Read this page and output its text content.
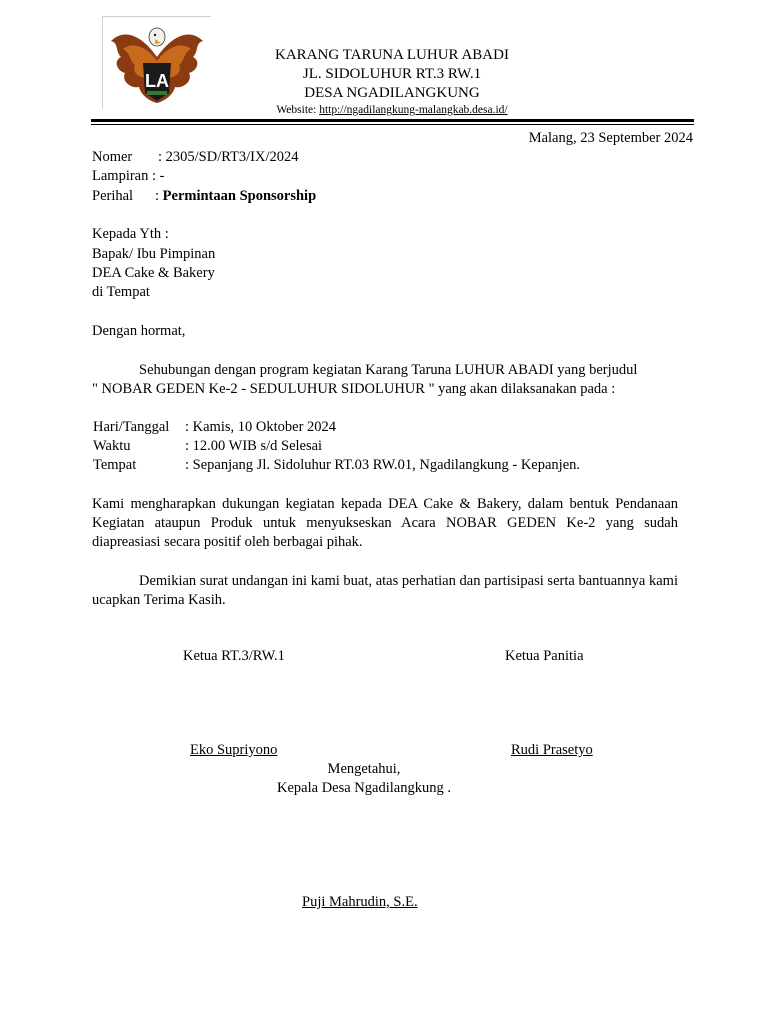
LA
KARANG TARUNA LUHUR ABADI
JL. SIDOLUHUR RT.3 RW.1
DESA NGADILANGKUNG
Website: http://ngadilangkung-malangkab.desa.id/
Malang, 23 September 2024
Nomer : 2305/SD/RT3/IX/2024
Lampiran : -
Perihal : Permintaan Sponsorship
Kepada Yth :
Bapak/ Ibu Pimpinan
DEA Cake & Bakery
di Tempat
Dengan hormat,
Sehubungan dengan program kegiatan Karang Taruna LUHUR ABADI yang berjudul
" NOBAR GEDEN Ke-2 - SEDULUHUR SIDOLUHUR " yang akan dilaksanakan pada :
Hari/Tanggal : Kamis, 10 Oktober 2024
Waktu	: 12.00 WIB s/d Selesai
Tempat	: Sepanjang Jl. Sidoluhur RT.03 RW.01, Ngadilangkung - Kepanjen.
Kami mengharapkan dukungan kegiatan kepada DEA Cake & Bakery, dalam bentuk Pendanaan Kegiatan ataupun Produk untuk menyukseskan Acara NOBAR GEDEN Ke-2 yang sudah diapreasiasi secara positif oleh berbagai pihak.
Demikian surat undangan ini kami buat, atas perhatian dan partisipasi serta bantuannya kami ucapkan Terima Kasih.
Ketua RT.3/RW.1	Ketua Panitia
Eko Supriyono	Rudi Prasetyo
Mengetahui,
Kepala Desa Ngadilangkung .
Puji Mahrudin, S.E.
